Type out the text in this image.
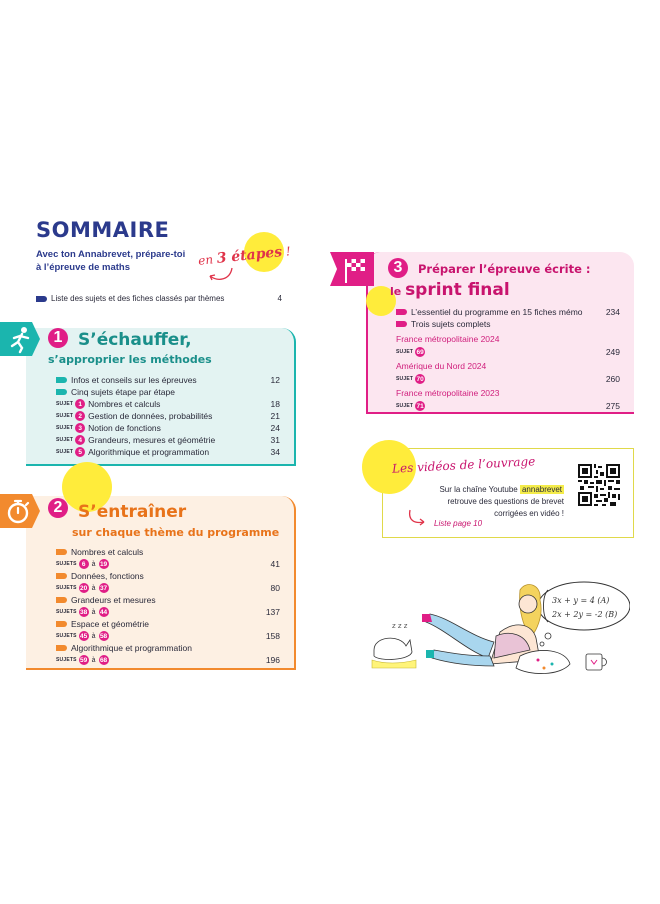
SOMMAIRE
Avec ton Annabrevet, prépare-toi
à l’épreuve de maths	en 3 étapes !
Liste des sujets et des fiches classés par thèmes	4
1 S’échauffer,
s’approprier les méthodes
Infos et conseils sur les épreuves	12
Cinq sujets étape par étape
SUJET 1 Nombres et calculs	18
SUJET 2 Gestion de données, probabilités	21
SUJET 3 Notion de fonctions	24
SUJET 4 Grandeurs, mesures et géométrie	31
SUJET 5 Algorithmique et programmation	34
2 S’entraîner
sur chaque thème du programme
Nombres et calculs
SUJETS 6 à 19	41
Données, fonctions
SUJETS 20 à 37	80
Grandeurs et mesures
SUJETS 38 à 44	137
Espace et géométrie
SUJETS 45 à 58	158
Algorithmique et programmation
SUJETS 59 à 68	196
3	Préparer l’épreuve écrite :
le sprint final
L’essentiel du programme en 15 fiches mémo	234
Trois sujets complets
France métropolitaine 2024
SUJET 69	249
Amérique du Nord 2024
SUJET 70	260
France métropolitaine 2023
SUJET 71	275
Les vidéos de l’ouvrage
Sur la chaîne Youtube annabrevet
retrouve des questions de brevet
corrigées en vidéo !
Liste page 10
3x + y = 4 (A)
2x + 2y = -2 (B)
z z z
